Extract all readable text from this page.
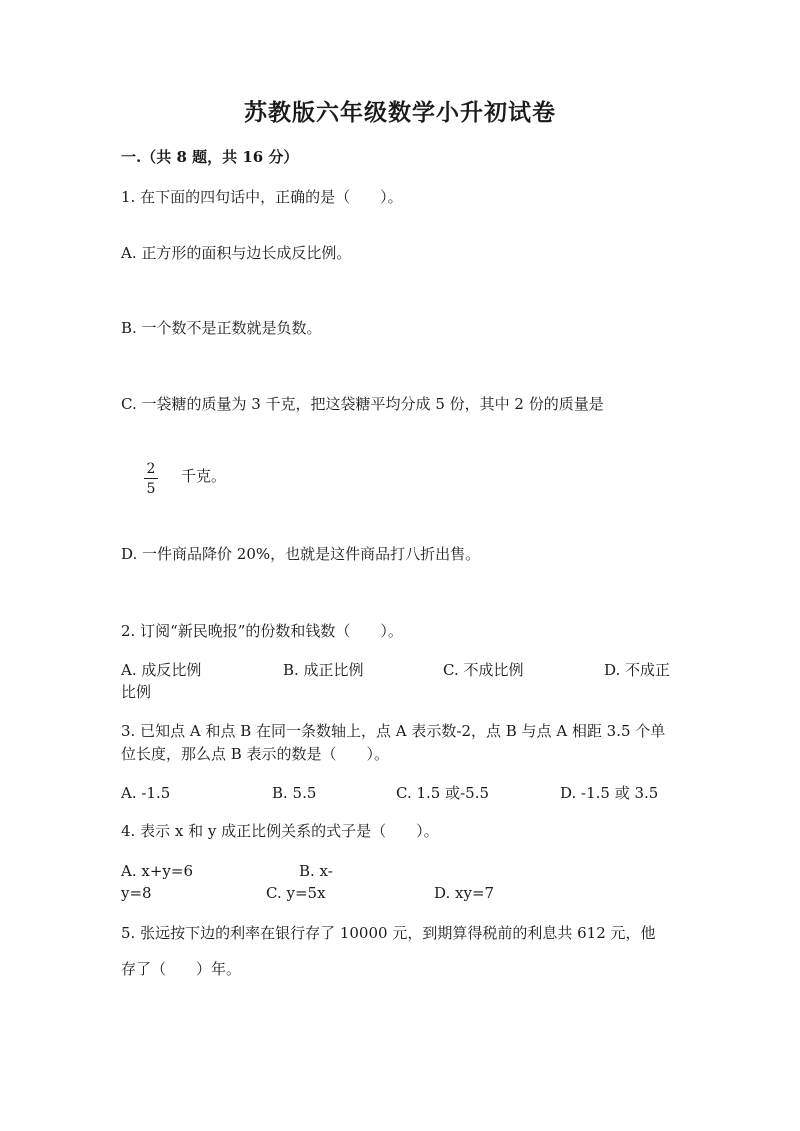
苏教版六年级数学小升初试卷
一.（共 8 题，共 16 分）
1. 在下面的四句话中，正确的是（　　）。
A. 正方形的面积与边长成反比例。
B. 一个数不是正数就是负数。
C. 一袋糖的质量为 3 千克，把这袋糖平均分成 5 份，其中 2 份的质量是
2
5
千克。
D. 一件商品降价 20%，也就是这件商品打八折出售。
2. 订阅“新民晚报”的份数和钱数（　　）。
A. 成反比例	B. 成正比例	C. 不成比例	D. 不成正
比例
3. 已知点 A 和点 B 在同一条数轴上，点 A 表示数-2，点 B 与点 A 相距 3.5 个单
位长度，那么点 B 表示的数是（　　）。
A. -1.5	B. 5.5	C. 1.5 或-5.5	D. -1.5 或 3.5
4. 表示 x 和 y 成正比例关系的式子是（　　）。
A. x+y=6	B. x-
y=8	C. y=5x	D. xy=7
5. 张远按下边的利率在银行存了 10000 元，到期算得税前的利息共 612 元，他
存了（　　）年。
